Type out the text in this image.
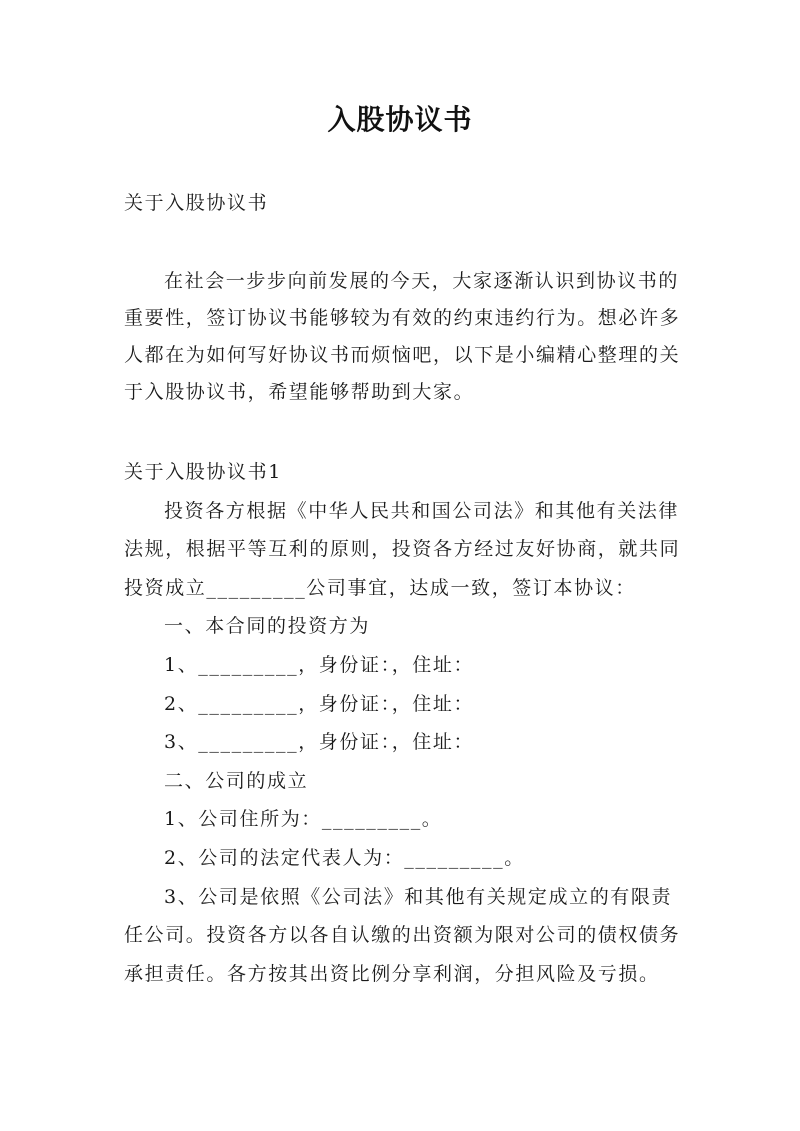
入股协议书
关于入股协议书
在社会一步步向前发展的今天，大家逐渐认识到协议书的重要性，签订协议书能够较为有效的约束违约行为。想必许多人都在为如何写好协议书而烦恼吧，以下是小编精心整理的关于入股协议书，希望能够帮助到大家。
关于入股协议书1
投资各方根据《中华人民共和国公司法》和其他有关法律法规，根据平等互利的原则，投资各方经过友好协商，就共同投资成立_________公司事宜，达成一致，签订本协议：
一、本合同的投资方为
1、_________，身份证：，住址：
2、_________，身份证：，住址：
3、_________，身份证：，住址：
二、公司的成立
1、公司住所为：_________。
2、公司的法定代表人为：_________。
3、公司是依照《公司法》和其他有关规定成立的有限责任公司。投资各方以各自认缴的出资额为限对公司的债权债务承担责任。各方按其出资比例分享利润，分担风险及亏损。
